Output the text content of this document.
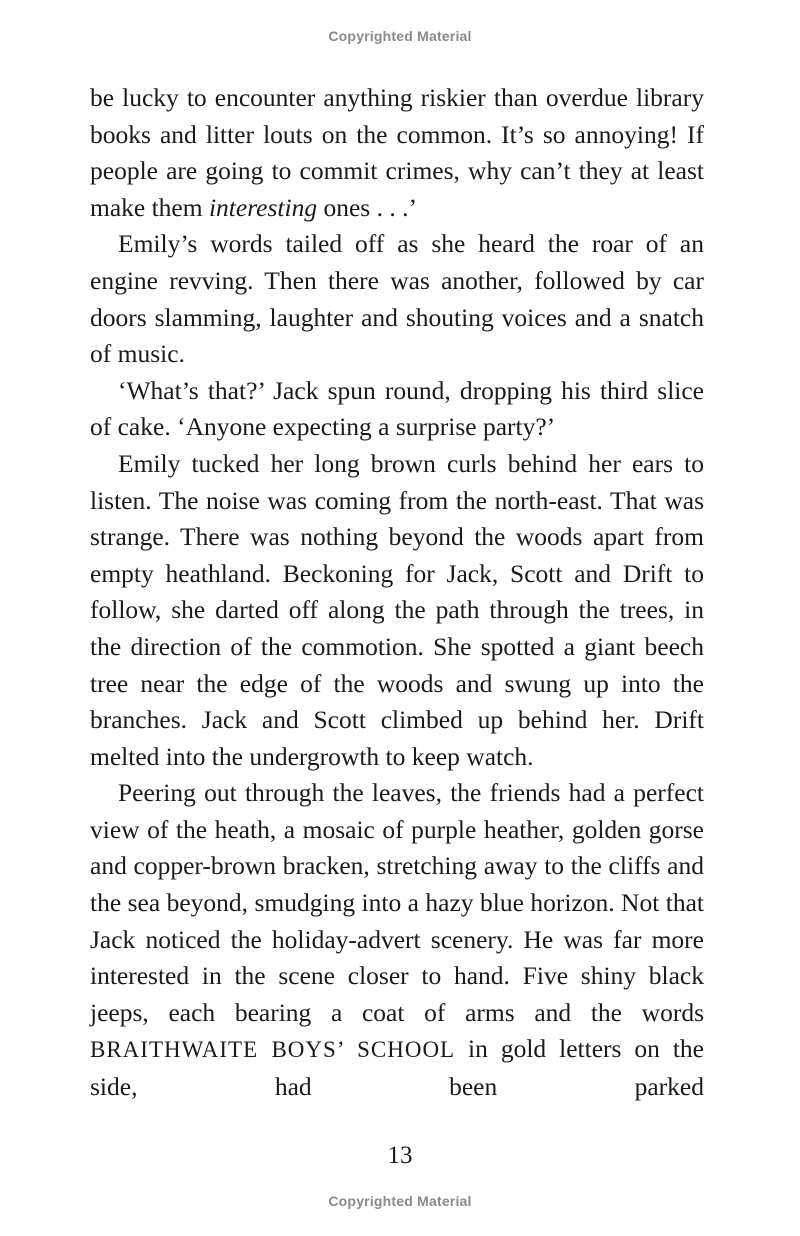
Copyrighted Material

be lucky to encounter anything riskier than overdue library books and litter louts on the common. It’s so annoying! If people are going to commit crimes, why can’t they at least make them interesting ones . . .’

Emily’s words tailed off as she heard the roar of an engine revving. Then there was another, followed by car doors slamming, laughter and shouting voices and a snatch of music.

‘What’s that?’ Jack spun round, dropping his third slice of cake. ‘Anyone expecting a surprise party?’

Emily tucked her long brown curls behind her ears to listen. The noise was coming from the north-east. That was strange. There was nothing beyond the woods apart from empty heathland. Beckoning for Jack, Scott and Drift to follow, she darted off along the path through the trees, in the direction of the commotion. She spotted a giant beech tree near the edge of the woods and swung up into the branches. Jack and Scott climbed up behind her. Drift melted into the undergrowth to keep watch.

Peering out through the leaves, the friends had a perfect view of the heath, a mosaic of purple heather, golden gorse and copper-brown bracken, stretching away to the cliffs and the sea beyond, smudging into a hazy blue horizon. Not that Jack noticed the holiday-advert scenery. He was far more interested in the scene closer to hand. Five shiny black jeeps, each bearing a coat of arms and the words BRAITHWAITE BOYS’ SCHOOL in gold letters on the side, had been parked

13
Copyrighted Material
